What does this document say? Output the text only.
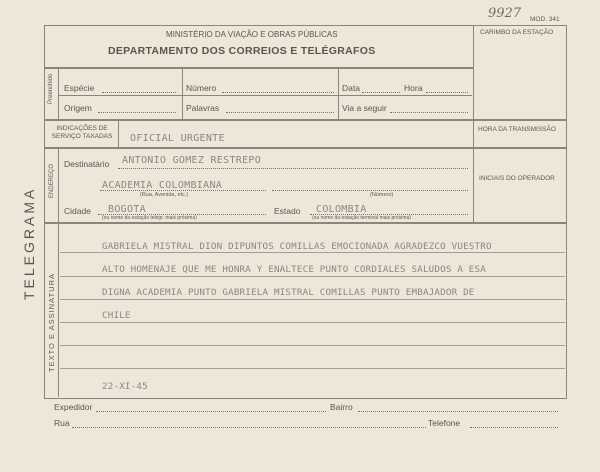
9927 MOD. 341
MINISTÉRIO DA VIAÇÃO E OBRAS PÚBLICAS
DEPARTAMENTO DOS CORREIOS E TELÉGRAFOS
CARIMBO DA ESTAÇÃO
Preenchido Espécie	Número	Data	Hora
Origem	Palavras	Via a seguir
INDICAÇÕES DE SERVIÇO TAXADAS OFICIAL URGENTE
HORA DA TRANSMISSÃO
ENDEREÇO Destinatário ANTONIO GOMEZ RESTREPO
ACADEMIA COLOMBIANA
(Rua, Avenida, etc.)	(Número)
Cidade BOGOTA
(ou nome da estação telegr. mais próxima)
Estado COLOMBIA
(ou nome da estação terminal mais próxima)
INICIAIS DO OPERADOR
TELEGRAMA
TEXTO E ASSINATURA
GABRIELA MISTRAL DION DIPUNTOS COMILLAS EMOCIONADA AGRADEZCO VUESTRO
ALTO HOMENAJE QUE ME HONRA Y ENALTECE PUNTO CORDIALES SALUDOS A ESA
DIGNA ACADEMIA PUNTO GABRIELA MISTRAL COMILLAS PUNTO EMBAJADOR DE
CHILE
22-XI-45
Expedidor	Bairro
Rua	Telefone
